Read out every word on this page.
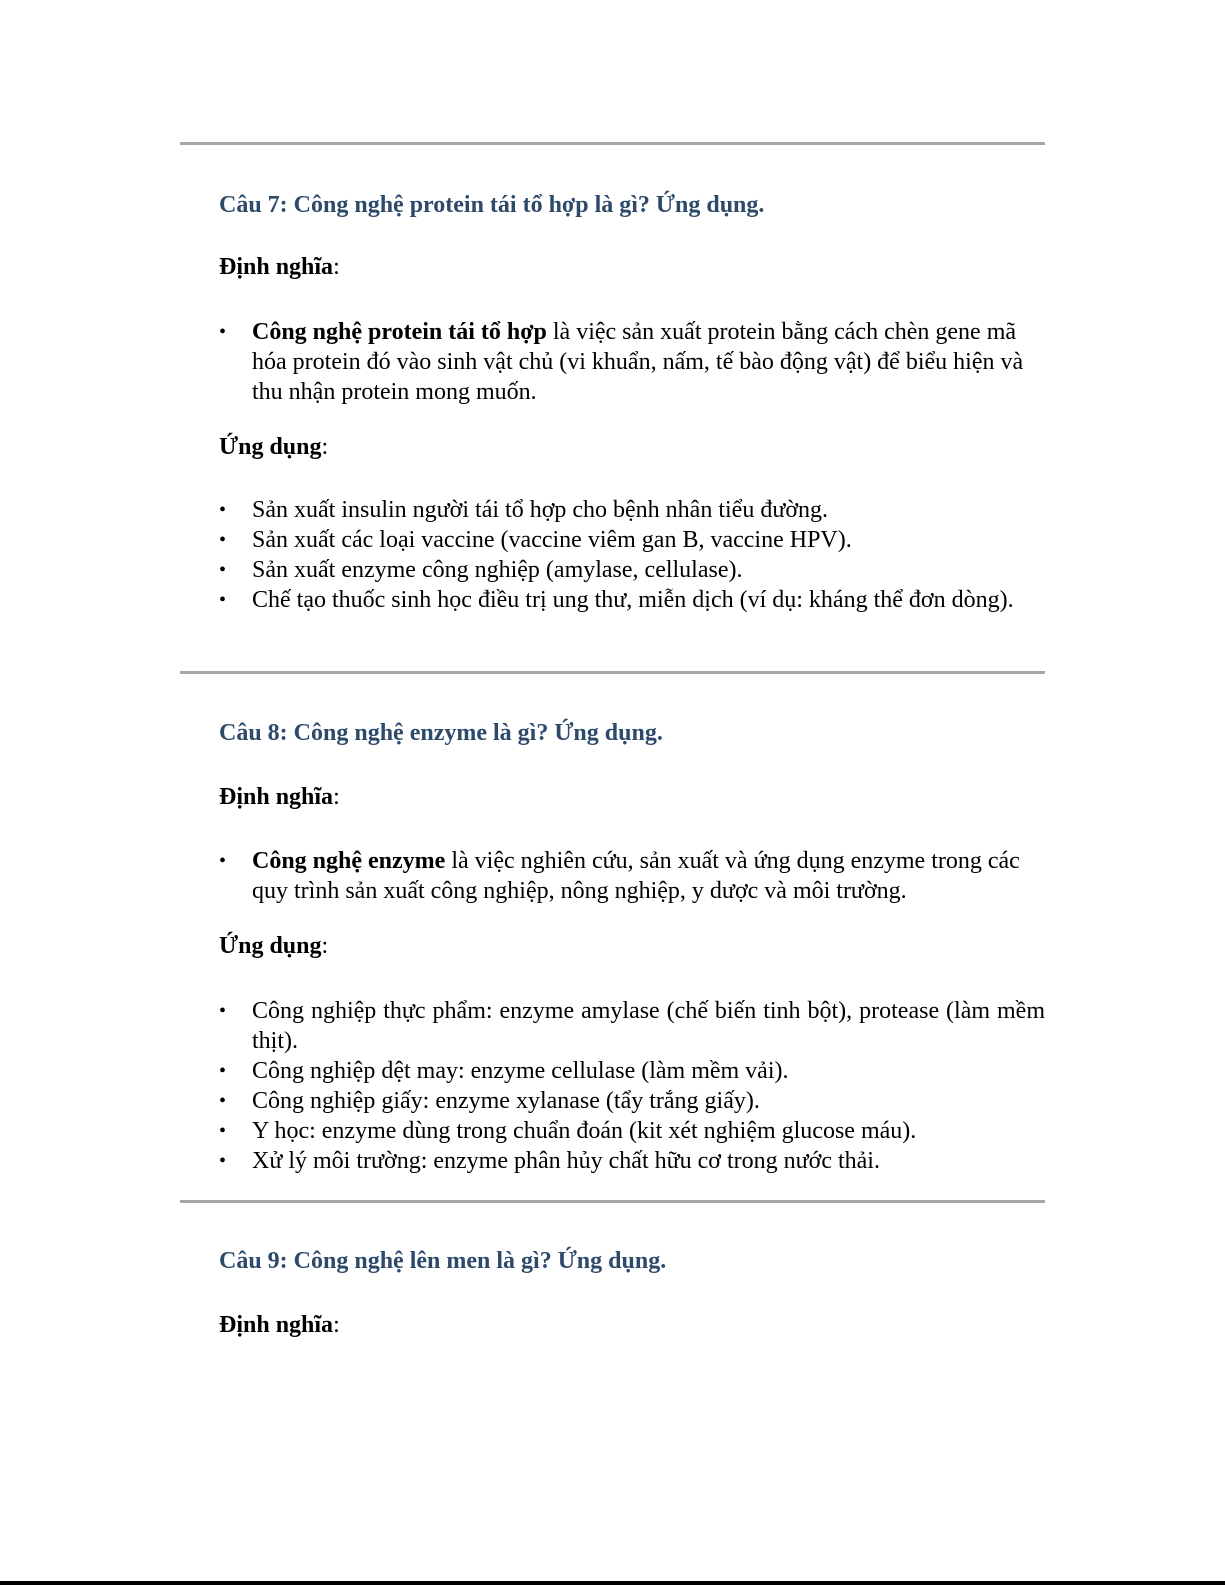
Câu 7: Công nghệ protein tái tổ hợp là gì? Ứng dụng.

Định nghĩa:

• Công nghệ protein tái tổ hợp là việc sản xuất protein bằng cách chèn gene mã hóa protein đó vào sinh vật chủ (vi khuẩn, nấm, tế bào động vật) để biểu hiện và thu nhận protein mong muốn.

Ứng dụng:

• Sản xuất insulin người tái tổ hợp cho bệnh nhân tiểu đường.
• Sản xuất các loại vaccine (vaccine viêm gan B, vaccine HPV).
• Sản xuất enzyme công nghiệp (amylase, cellulase).
• Chế tạo thuốc sinh học điều trị ung thư, miễn dịch (ví dụ: kháng thể đơn dòng).
Câu 8: Công nghệ enzyme là gì? Ứng dụng.

Định nghĩa:

• Công nghệ enzyme là việc nghiên cứu, sản xuất và ứng dụng enzyme trong các quy trình sản xuất công nghiệp, nông nghiệp, y dược và môi trường.

Ứng dụng:

• Công nghiệp thực phẩm: enzyme amylase (chế biến tinh bột), protease (làm mềm thịt).
• Công nghiệp dệt may: enzyme cellulase (làm mềm vải).
• Công nghiệp giấy: enzyme xylanase (tẩy trắng giấy).
• Y học: enzyme dùng trong chuẩn đoán (kit xét nghiệm glucose máu).
• Xử lý môi trường: enzyme phân hủy chất hữu cơ trong nước thải.
Câu 9: Công nghệ lên men là gì? Ứng dụng.

Định nghĩa:
